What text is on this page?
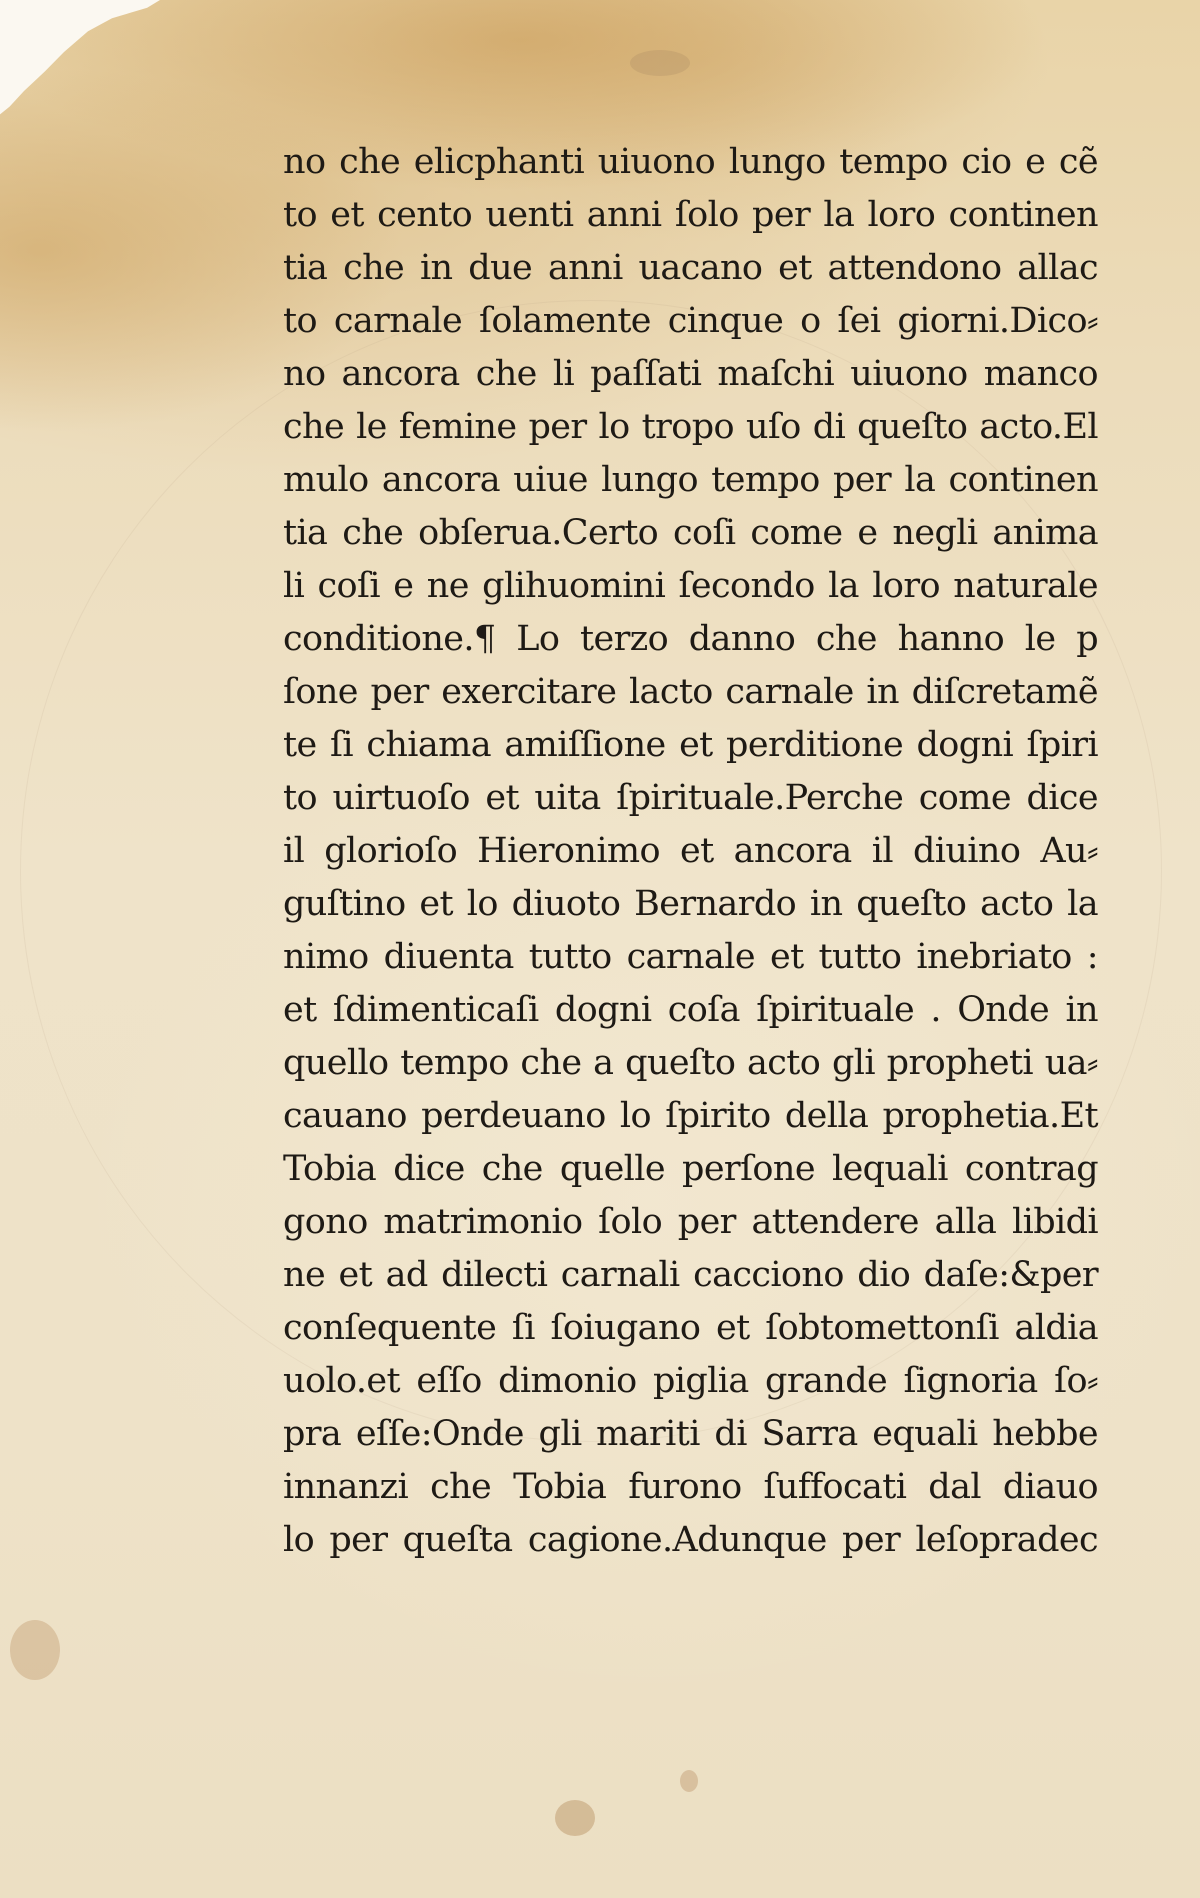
no che elicphanti uiuono lungo tempo cio e cẽ
to et cento uenti anni ſolo per la loro continen
tia che in due anni uacano et attendono allac
to carnale ſolamente cinque o ſei giorni.Dico⸗
no ancora che li paſſati maſchi uiuono manco
che le femine per lo tropo uſo di queſto acto.El
mulo ancora uiue lungo tempo per la continen
tia che obſerua.Certo coſi come e negli anima
li coſi e ne glihuomini ſecondo la loro naturale
conditione.¶ Lo terzo danno che hanno le p
ſone per exercitare lacto carnale in diſcretamẽ
te ſi chiama amiſſione et perditione dogni ſpiri
to uirtuoſo et uita ſpirituale.Perche come dice
il glorioſo Hieronimo et ancora il diuino Au⸗
guſtino et lo diuoto Bernardo in queſto acto la
nimo diuenta tutto carnale et tutto inebriato :
et ſdimenticaſi dogni coſa ſpirituale . Onde in
quello tempo che a queſto acto gli propheti ua⸗
cauano perdeuano lo ſpirito della prophetia.Et
Tobia dice che quelle perſone lequali contrag
gono matrimonio ſolo per attendere alla libidi
ne et ad dilecti carnali cacciono dio daſe:&per
conſequente ſi ſoiugano et ſobtomettonſi aldia
uolo.et eſſo dimonio piglia grande ſignoria ſo⸗
pra eſſe:Onde gli mariti di Sarra equali hebbe
innanzi che Tobia furono ſuffocati dal diauo
lo per queſta cagione.Adunque per leſopradec
